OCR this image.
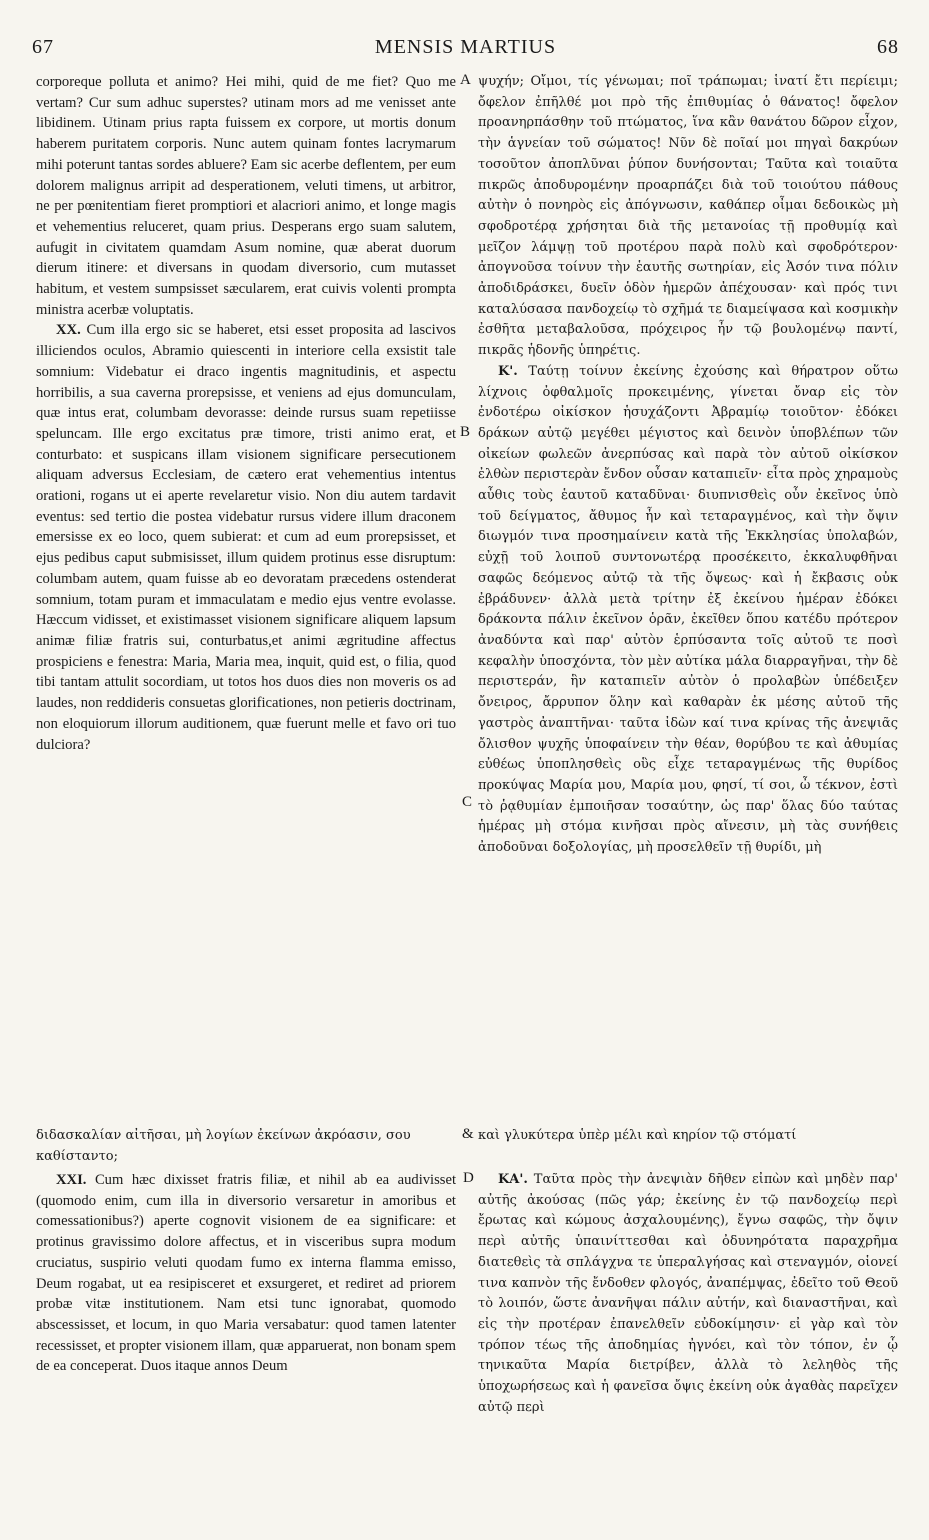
67	MENSIS MARTIUS	68
A
B
C
D

corporeque polluta et animo? Hei mihi, quid de me fiet? Quo me vertam? Cur sum adhuc superstes? utinam mors ad me venisset ante libidinem. Utinam prius rapta fuissem ex corpore, ut mortis donum haberem puritatem corporis. Nunc autem quinam fontes lacrymarum mihi poterunt tantas sordes abluere? Eam sic acerbe deflentem, per eum dolorem malignus arripit ad desperationem, veluti timens, ut arbitror, ne per pœnitentiam fieret promptiori et alacriori animo, et longe magis et vehementius reluceret, quam prius. Desperans ergo suam salutem, aufugit in civitatem quamdam Asum nomine, quæ aberat duorum dierum itinere: et diversans in quodam diversorio, cum mutasset habitum, et vestem sumpsisset sæcularem, erat cuivis volenti prompta ministra acerbæ voluptatis.

XX. Cum illa ergo sic se haberet, etsi esset proposita ad lascivos illiciendos oculos, Abramio quiescenti in interiore cella exsistit tale somnium: Videbatur ei draco ingentis magnitudinis, et aspectu horribilis, a sua caverna prorepsisse, et veniens ad ejus domunculam, quæ intus erat, columbam devorasse: deinde rursus suam repetiisse speluncam. Ille ergo excitatus præ timore, tristi animo erat, et conturbato: et suspicans illam visionem significare persecutionem aliquam adversus Ecclesiam, de cætero erat vehementius intentus orationi, rogans ut ei aperte revelaretur visio. Non diu autem tardavit eventus: sed tertio die postea videbatur rursus videre illum draconem emersisse ex eo loco, quem subierat: et cum ad eum prorepsisset, et ejus pedibus caput submisisset, illum quidem protinus esse disruptum: columbam autem, quam fuisse ab eo devoratam præcedens ostenderat somnium, totam puram et immaculatam e medio ejus ventre evolasse. Hæccum vidisset, et existimasset visionem significare aliquem lapsum animæ filiæ fratris sui, conturbatus,et animi ægritudine affectus prospiciens e fenestra: Maria, Maria mea, inquit, quid est, o filia, quod tibi tantam attulit socordiam, ut totos hos duos dies non moveris os ad laudes, non reddideris consuetas glorificationes, non petieris doctrinam, non eloquiorum illorum auditionem, quæ fuerunt melle et favo ori tuo dulciora?

ψυχήν; Οἴμοι, τίς γένωμαι; ποῖ τράπωμαι; ἱνατί ἔτι περίειμι; ὄφελον ἐπῆλθέ μοι πρὸ τῆς ἐπιθυμίας ὁ θάνατος! ὄφελον προανηρπάσθην τοῦ πτώματος, ἵνα κἂν θανάτου δῶρον εἶχον, τὴν ἁγνείαν τοῦ σώματος! Νῦν δὲ ποῖαί μοι πηγαὶ δακρύων τοσοῦτον ἀποπλῦναι ῥύπον δυνήσονται; Ταῦτα καὶ τοιαῦτα πικρῶς ἀποδυρομένην προαρπάζει διὰ τοῦ τοιούτου πάθους αὐτὴν ὁ πονηρὸς εἰς ἀπόγνωσιν, καθάπερ οἶμαι δεδοικὼς μὴ σφοδροτέρᾳ χρήσηται διὰ τῆς μετανοίας τῇ προθυμίᾳ καὶ μεῖζον λάμψῃ τοῦ προτέρου παρὰ πολὺ καὶ σφοδρότερον· ἀπογνοῦσα τοίνυν τὴν ἑαυτῆς σωτηρίαν, εἰς Ἀσόν τινα πόλιν ἀποδιδράσκει, δυεῖν ὁδὸν ἡμερῶν ἀπέχουσαν· καὶ πρός τινι καταλύσασα πανδοχείῳ τὸ σχῆμά τε διαμείψασα καὶ κοσμικὴν ἐσθῆτα μεταβαλοῦσα, πρόχειρος ἦν τῷ βουλομένῳ παντί, πικρᾶς ἡδονῆς ὑπηρέτις.

Κ'. Ταύτῃ τοίνυν ἐκείνης ἐχούσης καὶ θήρατρον οὕτω λίχνοις ὀφθαλμοῖς προκειμένης, γίνεται ὄναρ εἰς τὸν ἐνδοτέρω οἰκίσκον ἡσυχάζοντι Ἀβραμίῳ τοιοῦτον· ἐδόκει δράκων αὐτῷ μεγέθει μέγιστος καὶ δεινὸν ὑποβλέπων τῶν οἰκείων φωλεῶν ἀνερπύσας καὶ παρὰ τὸν αὐτοῦ οἰκίσκον ἐλθὼν περιστερὰν ἔνδον οὖσαν καταπιεῖν· εἶτα πρὸς χηραμοὺς αὖθις τοὺς ἑαυτοῦ καταδῦναι· διυπνισθεὶς οὖν ἐκεῖνος ὑπὸ τοῦ δείγματος, ἄθυμος ἦν καὶ τεταραγμένος, καὶ τὴν ὄψιν διωγμόν τινα προσημαίνειν κατὰ τῆς Ἐκκλησίας ὑπολαβών, εὐχῇ τοῦ λοιποῦ συντονωτέρᾳ προσέκειτο, ἐκκαλυφθῆναι σαφῶς δεόμενος αὐτῷ τὰ τῆς ὄψεως· καὶ ἡ ἔκβασις οὐκ ἐβράδυνεν· ἀλλὰ μετὰ τρίτην ἐξ ἐκείνου ἡμέραν ἐδόκει δράκοντα πάλιν ἐκεῖνον ὁρᾶν, ἐκεῖθεν ὅπου κατέδυ πρότερον ἀναδύντα καὶ παρ' αὐτὸν ἑρπύσαντα τοῖς αὐτοῦ τε ποσὶ κεφαλὴν ὑποσχόντα, τὸν μὲν αὐτίκα μάλα διαρραγῆναι, τὴν δὲ περιστεράν, ἣν καταπιεῖν αὐτὸν ὁ προλαβὼν ὑπέδειξεν ὄνειρος, ἄρρυπον ὅλην καὶ καθαρὰν ἐκ μέσης αὐτοῦ τῆς γαστρὸς ἀναπτῆναι· ταῦτα ἰδὼν καί τινα κρίνας τῆς ἀνεψιᾶς ὄλισθον ψυχῆς ὑποφαίνειν τὴν θέαν, θορύβου τε καὶ ἀθυμίας εὐθέως ὑποπλησθεὶς οὓς εἶχε τεταραγμένως τῆς θυρίδος προκύψας Μαρία μου, Μαρία μου, φησί, τί σοι, ὦ τέκνον, ἐστὶ τὸ ῥᾳθυμίαν ἐμποιῆσαν τοσαύτην, ὡς παρ' ὅλας δύο ταύτας ἡμέρας μὴ στόμα κινῆσαι πρὸς αἴνεσιν, μὴ τὰς συνήθεις ἀποδοῦναι δοξολογίας, μὴ προσελθεῖν τῇ θυρίδι, μὴ

διδασκαλίαν αἰτῆσαι, μὴ λογίων ἐκείνων ἀκρόασιν, σου καθίσταντο;
& καὶ γλυκύτερα ὑπὲρ μέλι καὶ κηρίον τῷ στόματί

XXI. Cum hæc dixisset fratris filiæ, et nihil ab ea audivisset (quomodo enim, cum illa in diversorio versaretur in amoribus et comessationibus?) aperte cognovit visionem de ea significare: et protinus gravissimo dolore affectus, et in visceribus supra modum cruciatus, suspirio veluti quodam fumo ex interna flamma emisso, Deum rogabat, ut ea resipisceret et exsurgeret, et rediret ad priorem probæ vitæ institutionem. Nam etsi tunc ignorabat, quomodo abscessisset, et locum, in quo Maria versabatur: quod tamen latenter recessisset, et propter visionem illam, quæ apparuerat, non bonam spem de ea conceperat. Duos itaque annos Deum

ΚΑ'. Ταῦτα πρὸς τὴν ἀνεψιὰν δῆθεν εἰπὼν καὶ μηδὲν παρ' αὐτῆς ἀκούσας (πῶς γάρ; ἐκείνης ἐν τῷ πανδοχείῳ περὶ ἔρωτας καὶ κώμους ἀσχαλουμένης), ἔγνω σαφῶς, τὴν ὄψιν περὶ αὐτῆς ὑπαινίττεσθαι καὶ ὀδυνηρότατα παραχρῆμα διατεθεὶς τὰ σπλάγχνα τε ὑπεραλγήσας καὶ στεναγμόν, οἱονεί τινα καπνὸν τῆς ἔνδοθεν φλογός, ἀναπέμψας, ἐδεῖτο τοῦ Θεοῦ τὸ λοιπόν, ὥστε ἀνανῆψαι πάλιν αὐτήν, καὶ διαναστῆναι, καὶ εἰς τὴν προτέραν ἐπανελθεῖν εὐδοκίμησιν· εἰ γὰρ καὶ τὸν τρόπον τέως τῆς ἀποδημίας ἠγνόει, καὶ τὸν τόπον, ἐν ᾧ τηνικαῦτα Μαρία διετρίβεν, ἀλλὰ τὸ λεληθὸς τῆς ὑποχωρήσεως καὶ ἡ φανεῖσα ὄψις ἐκείνη οὐκ ἀγαθὰς παρεῖχεν αὐτῷ περὶ
